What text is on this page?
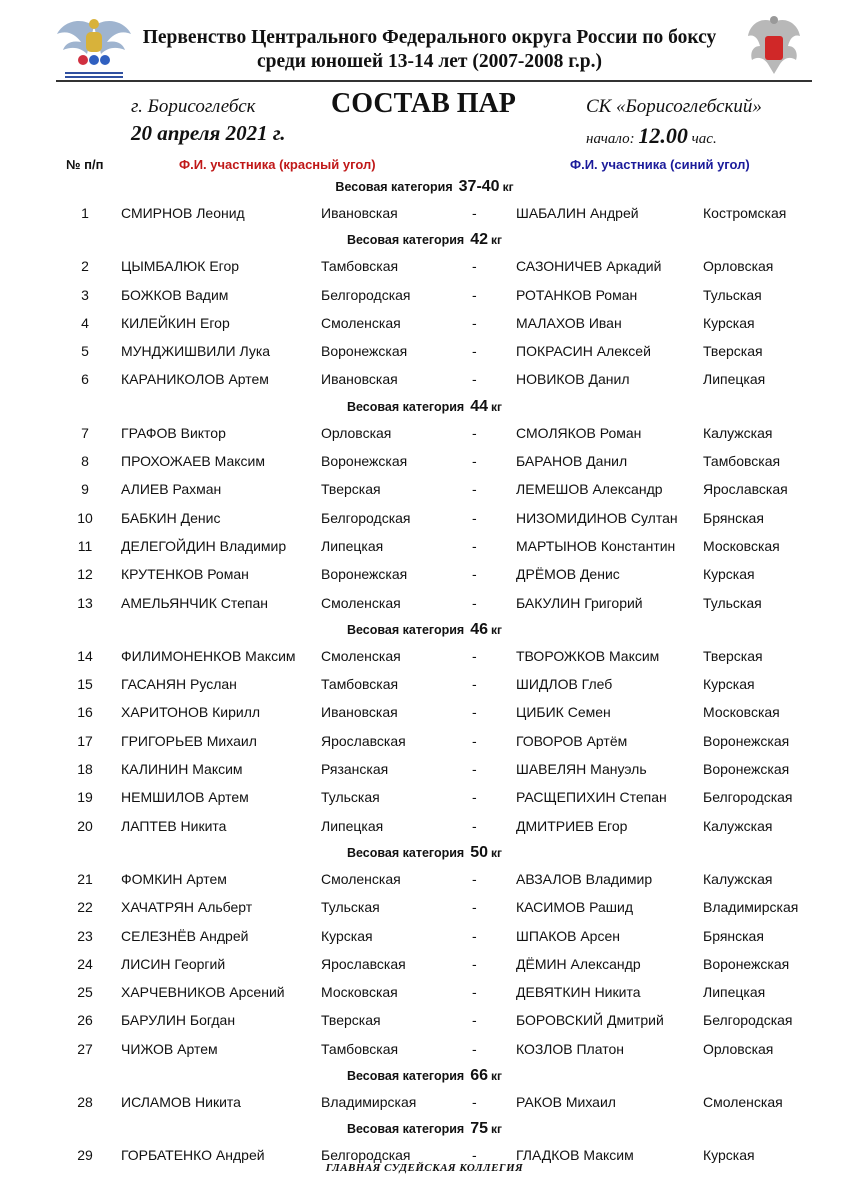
Первенство Центрального Федерального округа России по боксу
среди юношей 13-14 лет (2007-2008 г.р.)
г. Борисоглебск	СОСТАВ ПАР	СК «Борисоглебский»
20 апреля 2021 г.	начало: 12.00 час.
№ п/п	Ф.И. участника (красный угол)	Ф.И. участника (синий угол)
Весовая категория 37-40 кг
1	СМИРНОВ Леонид	Ивановская	-	ШАБАЛИН Андрей	Костромская
Весовая категория 42 кг
2	ЦЫМБАЛЮК Егор	Тамбовская	-	САЗОНИЧЕВ Аркадий	Орловская
3	БОЖКОВ Вадим	Белгородская	-	РОТАНКОВ Роман	Тульская
4	КИЛЕЙКИН Егор	Смоленская	-	МАЛАХОВ Иван	Курская
5	МУНДЖИШВИЛИ Лука	Воронежская	-	ПОКРАСИН Алексей	Тверская
6	КАРАНИКОЛОВ Артем	Ивановская	-	НОВИКОВ Данил	Липецкая
Весовая категория 44 кг
7	ГРАФОВ Виктор	Орловская	-	СМОЛЯКОВ Роман	Калужская
8	ПРОХОЖАЕВ Максим	Воронежская	-	БАРАНОВ Данил	Тамбовская
9	АЛИЕВ Рахман	Тверская	-	ЛЕМЕШОВ Александр	Ярославская
10	БАБКИН Денис	Белгородская	-	НИЗОМИДИНОВ Султан Брянская
11	ДЕЛЕГОЙДИН Владимир Липецкая	-	МАРТЫНОВ Константин Московская
12	КРУТЕНКОВ Роман	Воронежская	-	ДРЁМОВ Денис	Курская
13	АМЕЛЬЯНЧИК Степан	Смоленская	-	БАКУЛИН Григорий	Тульская
Весовая категория 46 кг
14	ФИЛИМОНЕНКОВ Максим Смоленская	-	ТВОРОЖКОВ Максим	Тверская
15	ГАСАНЯН Руслан	Тамбовская	-	ШИДЛОВ Глеб	Курская
16	ХАРИТОНОВ Кирилл	Ивановская	-	ЦИБИК Семен	Московская
17	ГРИГОРЬЕВ Михаил	Ярославская	-	ГОВОРОВ Артём	Воронежская
18	КАЛИНИН Максим	Рязанская	-	ШАВЕЛЯН Мануэль	Воронежская
19	НЕМШИЛОВ Артем	Тульская	-	РАСЩЕПИХИН Степан	Белгородская
20	ЛАПТЕВ Никита	Липецкая	-	ДМИТРИЕВ Егор	Калужская
Весовая категория 50 кг
21	ФОМКИН Артем	Смоленская	-	АВЗАЛОВ Владимир	Калужская
22	ХАЧАТРЯН Альберт	Тульская	-	КАСИМОВ Рашид	Владимирская
23	СЕЛЕЗНЁВ Андрей	Курская	-	ШПАКОВ Арсен	Брянская
24	ЛИСИН Георгий	Ярославская	-	ДЁМИН Александр	Воронежская
25	ХАРЧЕВНИКОВ Арсений	Московская	-	ДЕВЯТКИН Никита	Липецкая
26	БАРУЛИН Богдан	Тверская	-	БОРОВСКИЙ Дмитрий	Белгородская
27	ЧИЖОВ Артем	Тамбовская	-	КОЗЛОВ Платон	Орловская
Весовая категория 66 кг
28	ИСЛАМОВ Никита	Владимирская	-	РАКОВ Михаил	Смоленская
Весовая категория 75 кг
29	ГОРБАТЕНКО Андрей	Белгородская	-	ГЛАДКОВ Максим	Курская
ГЛАВНАЯ СУДЕЙСКАЯ КОЛЛЕГИЯ
